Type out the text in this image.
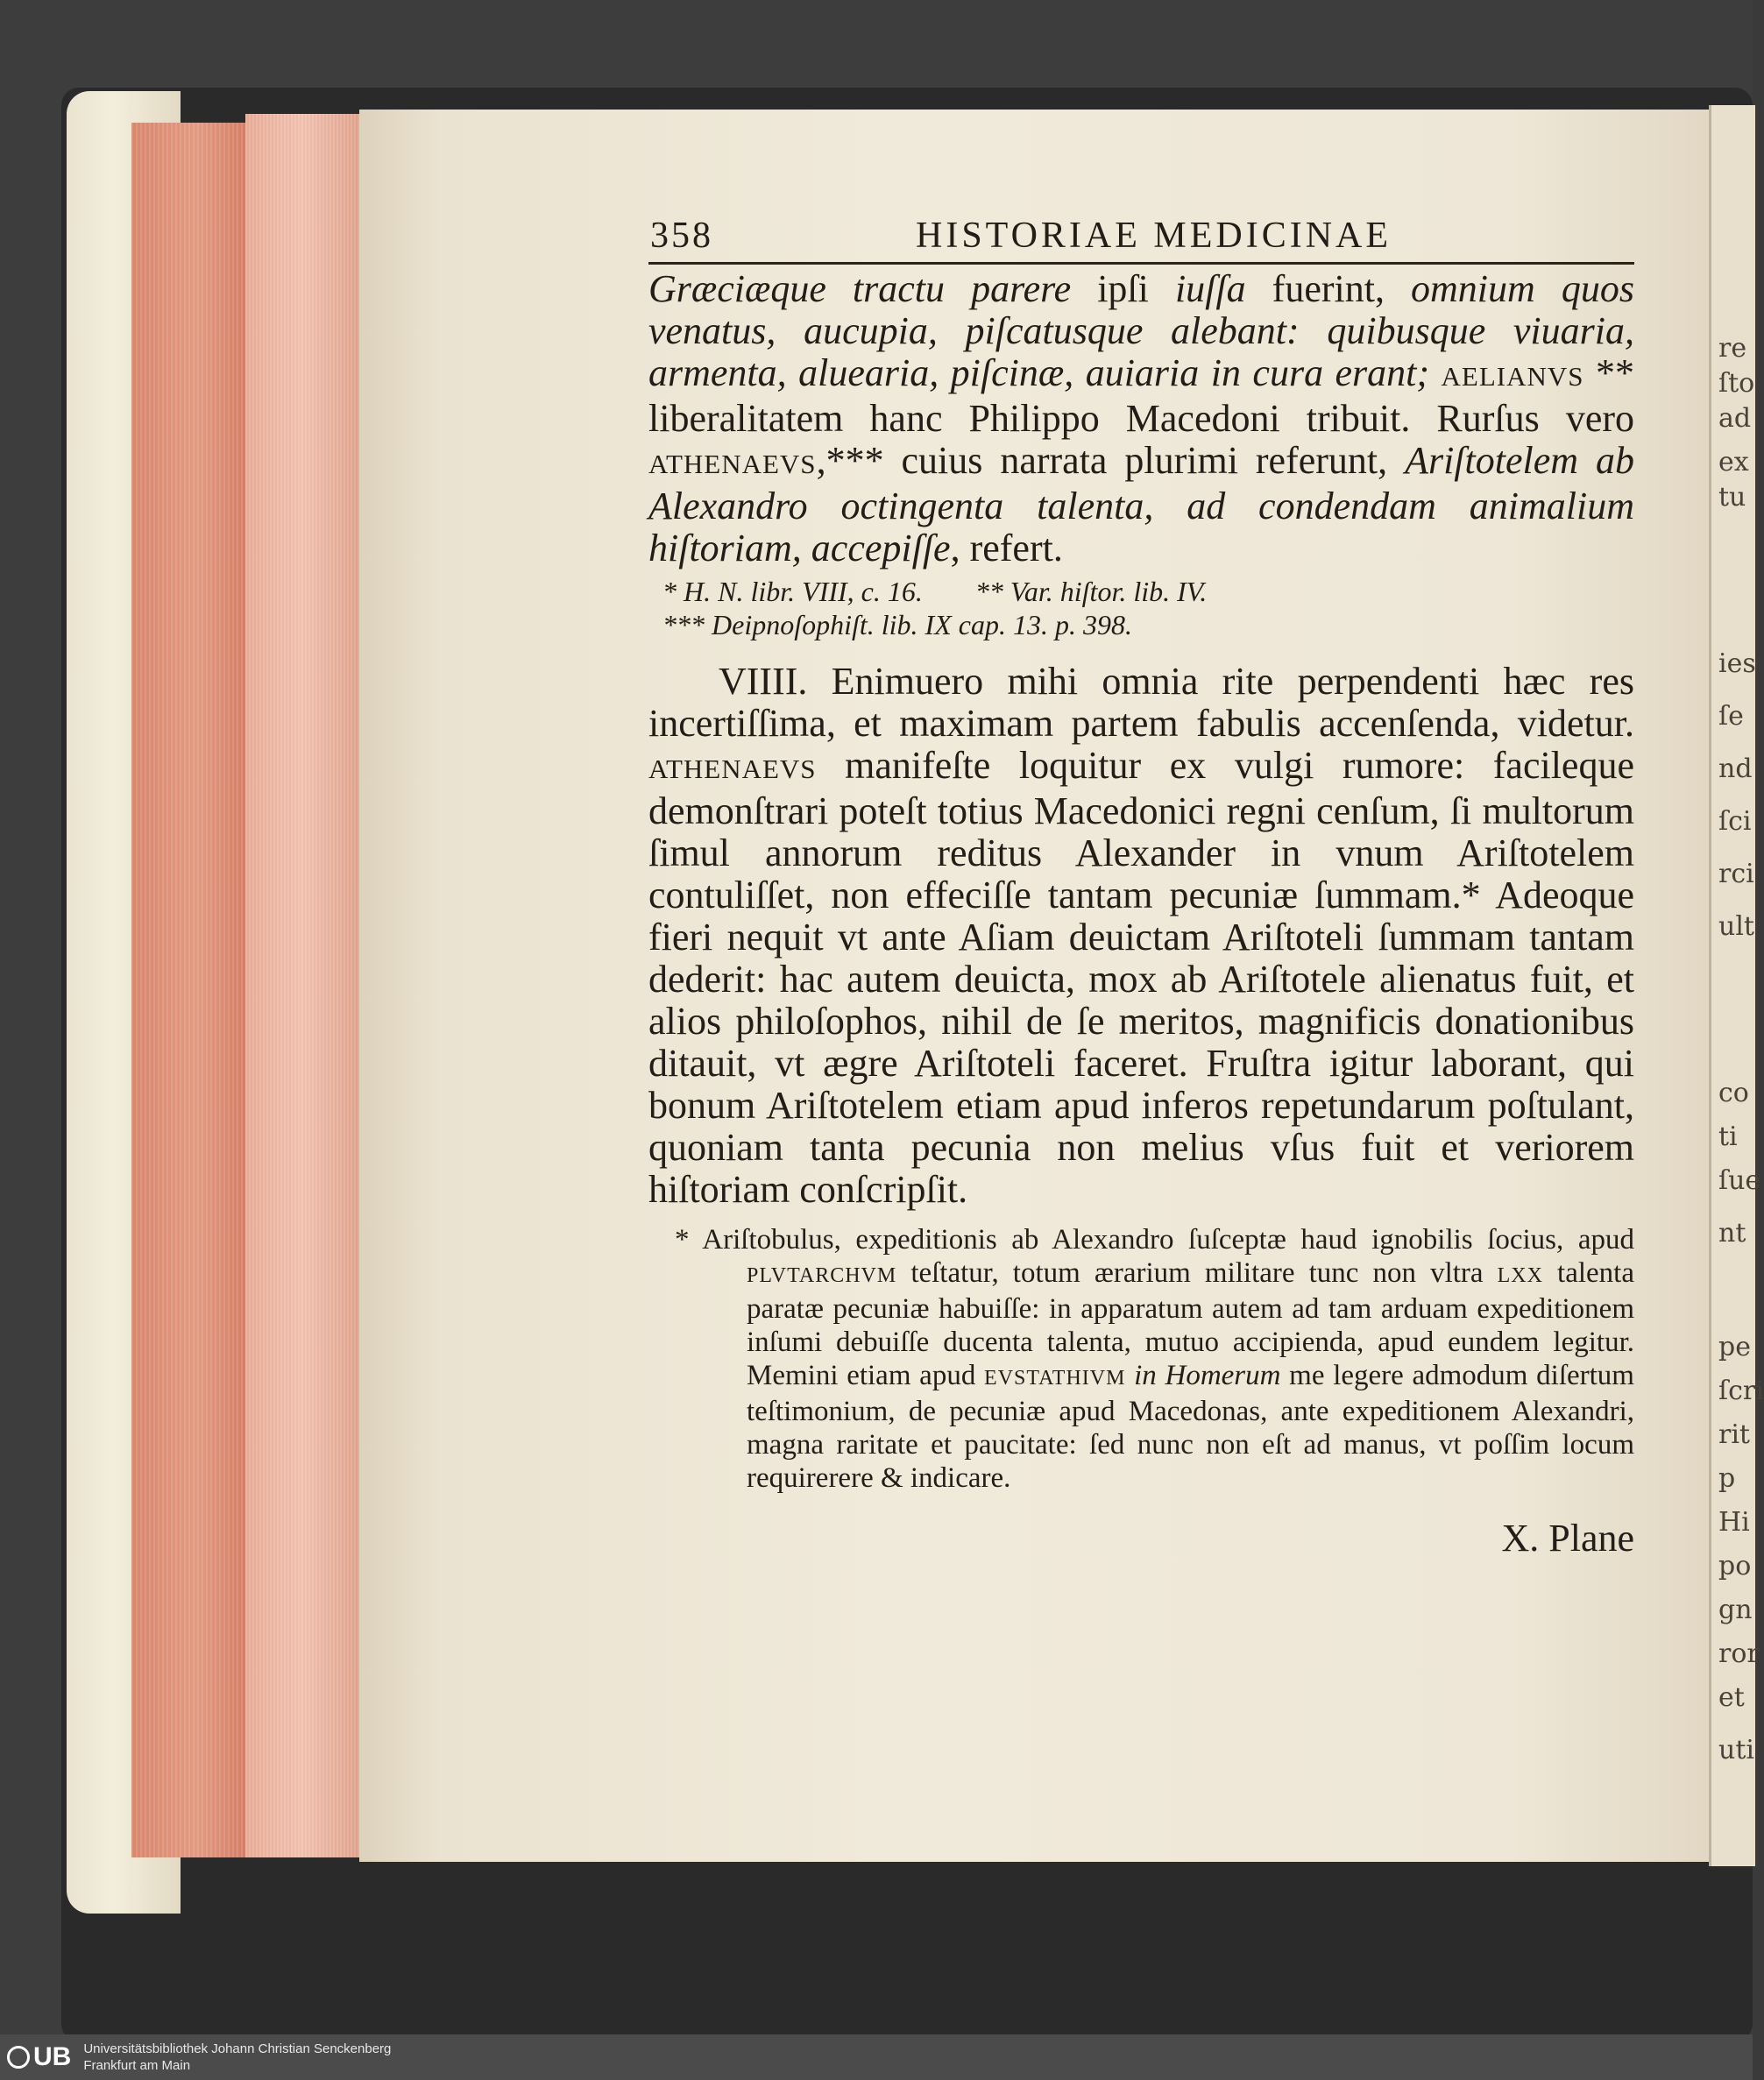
re
ſto
ad
ex
tu
ies
ſe
nd
ſci
rci
ult
co
ti
ſue
nt
pe
ſcri
rit
p
Hi
po
gn
ror
et
uti
358	HISTORIAE MEDICINAE

Græciæque tractu parere ipſi iuſſa fuerint, omnium quos venatus, aucupia, piſcatusque alebant: quibusque viuaria, armenta, aluearia, piſcinæ, auiaria in cura erant; AELIANVS ** liberalitatem hanc Philippo Macedoni tribuit. Rurſus vero ATHENAEVS,*** cuius narrata plurimi referunt, Ariſtotelem ab Alexandro octingenta talenta, ad condendam animalium hiſtoriam, accepiſſe, refert.

* H. N. libr. VIII, c. 16. ** Var. hiſtor. lib. IV.

*** Deipnoſophiſt. lib. IX cap. 13. p. 398.

VIIII. Enimuero mihi omnia rite perpendenti hæc res incertiſſima, et maximam partem fabulis accenſenda, videtur. ATHENAEVS manifeſte loquitur ex vulgi rumore: facileque demonſtrari poteſt totius Macedonici regni cenſum, ſi multorum ſimul annorum reditus Alexander in vnum Ariſtotelem contuliſſet, non effeciſſe tantam pecuniæ ſummam.* Adeoque fieri nequit vt ante Aſiam deuictam Ariſtoteli ſummam tantam dederit: hac autem deuicta, mox ab Ariſtotele alienatus fuit, et alios philoſophos, nihil de ſe meritos, magnificis donationibus ditauit, vt ægre Ariſtoteli faceret. Fruſtra igitur laborant, qui bonum Ariſtotelem etiam apud inferos repetundarum poſtulant, quoniam tanta pecunia non melius vſus fuit et veriorem hiſtoriam conſcripſit.

* Ariſtobulus, expeditionis ab Alexandro ſuſceptæ haud ignobilis ſocius, apud PLVTARCHVM teſtatur, totum ærarium militare tunc non vltra LXX talenta paratæ pecuniæ habuiſſe: in apparatum autem ad tam arduam expeditionem inſumi debuiſſe ducenta talenta, mutuo accipienda, apud eundem legitur. Memini etiam apud EVSTATHIVM in Homerum me legere admodum diſertum teſtimonium, de pecuniæ apud Macedonas, ante expeditionem Alexandri, magna raritate et paucitate: ſed nunc non eſt ad manus, vt poſſim locum requirerere & indicare.

X. Plane
UB Universitätsbibliothek Johann Christian Senckenberg
Frankfurt am Main
